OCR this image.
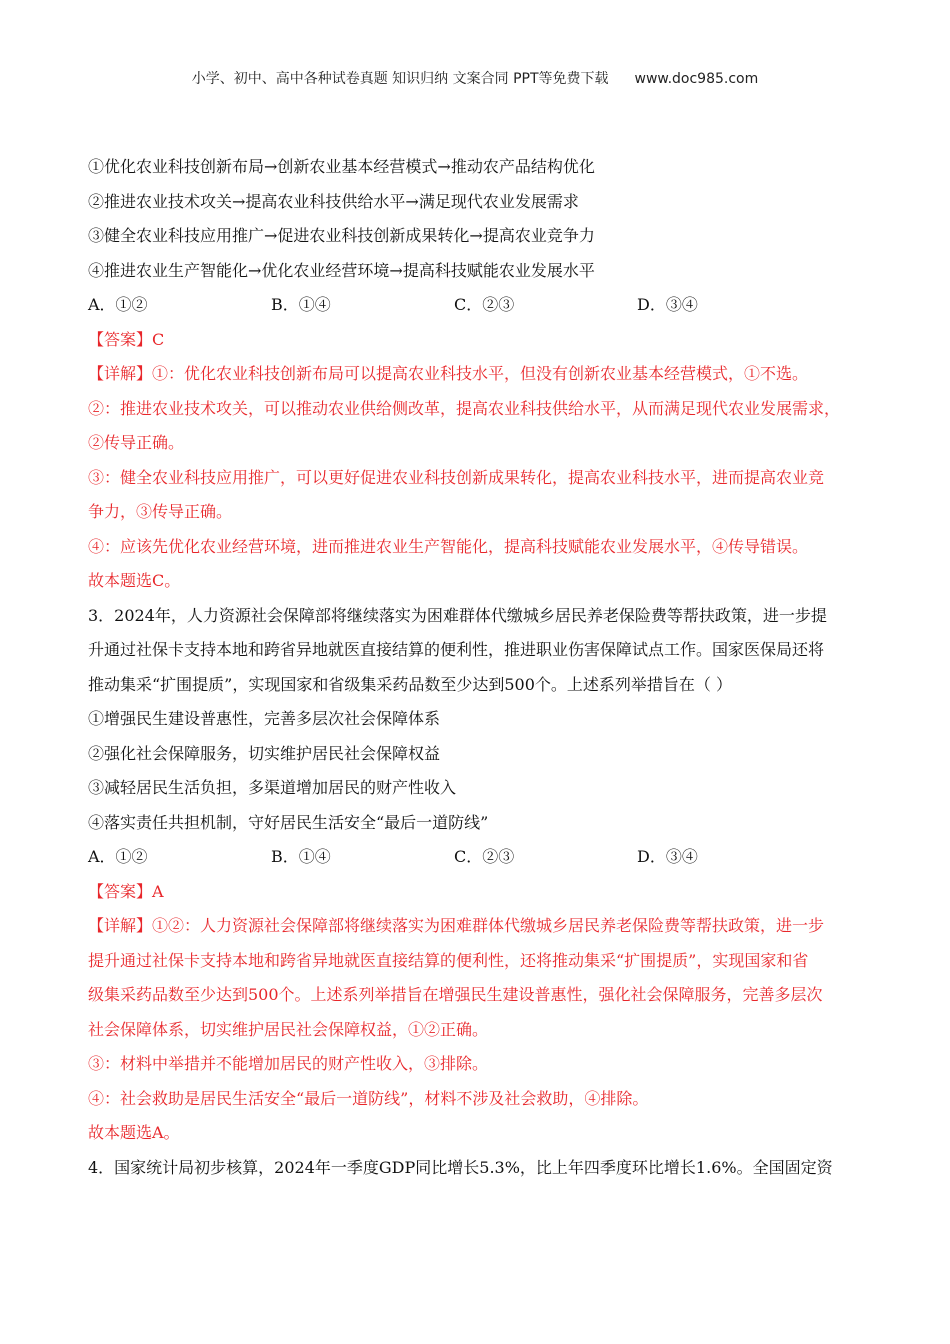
小学、初中、高中各种试卷真题 知识归纳 文案合同 PPT等免费下载 www.doc985.com
①优化农业科技创新布局→创新农业基本经营模式→推动农产品结构优化
②推进农业技术攻关→提高农业科技供给水平→满足现代农业发展需求
③健全农业科技应用推广→促进农业科技创新成果转化→提高农业竞争力
④推进农业生产智能化→优化农业经营环境→提高科技赋能农业发展水平
A．①②	B．①④	C．②③	D．③④
【答案】C
【详解】①：优化农业科技创新布局可以提高农业科技水平，但没有创新农业基本经营模式，①不选。
②：推进农业技术攻关，可以推动农业供给侧改革，提高农业科技供给水平，从而满足现代农业发展需求，
②传导正确。
③：健全农业科技应用推广，可以更好促进农业科技创新成果转化，提高农业科技水平，进而提高农业竞
争力，③传导正确。
④：应该先优化农业经营环境，进而推进农业生产智能化，提高科技赋能农业发展水平，④传导错误。
故本题选C。
3．2024年，人力资源社会保障部将继续落实为困难群体代缴城乡居民养老保险费等帮扶政策，进一步提
升通过社保卡支持本地和跨省异地就医直接结算的便利性，推进职业伤害保障试点工作。国家医保局还将
推动集采“扩围提质”，实现国家和省级集采药品数至少达到500个。上述系列举措旨在（ ）
①增强民生建设普惠性，完善多层次社会保障体系
②强化社会保障服务，切实维护居民社会保障权益
③减轻居民生活负担，多渠道增加居民的财产性收入
④落实责任共担机制，守好居民生活安全“最后一道防线”
A．①②	B．①④	C．②③	D．③④
【答案】A
【详解】①②：人力资源社会保障部将继续落实为困难群体代缴城乡居民养老保险费等帮扶政策，进一步
提升通过社保卡支持本地和跨省异地就医直接结算的便利性，还将推动集采“扩围提质”，实现国家和省
级集采药品数至少达到500个。上述系列举措旨在增强民生建设普惠性，强化社会保障服务，完善多层次
社会保障体系，切实维护居民社会保障权益，①②正确。
③：材料中举措并不能增加居民的财产性收入，③排除。
④：社会救助是居民生活安全“最后一道防线”，材料不涉及社会救助，④排除。
故本题选A。
4．国家统计局初步核算，2024年一季度GDP同比增长5.3%，比上年四季度环比增长1.6%。全国固定资
